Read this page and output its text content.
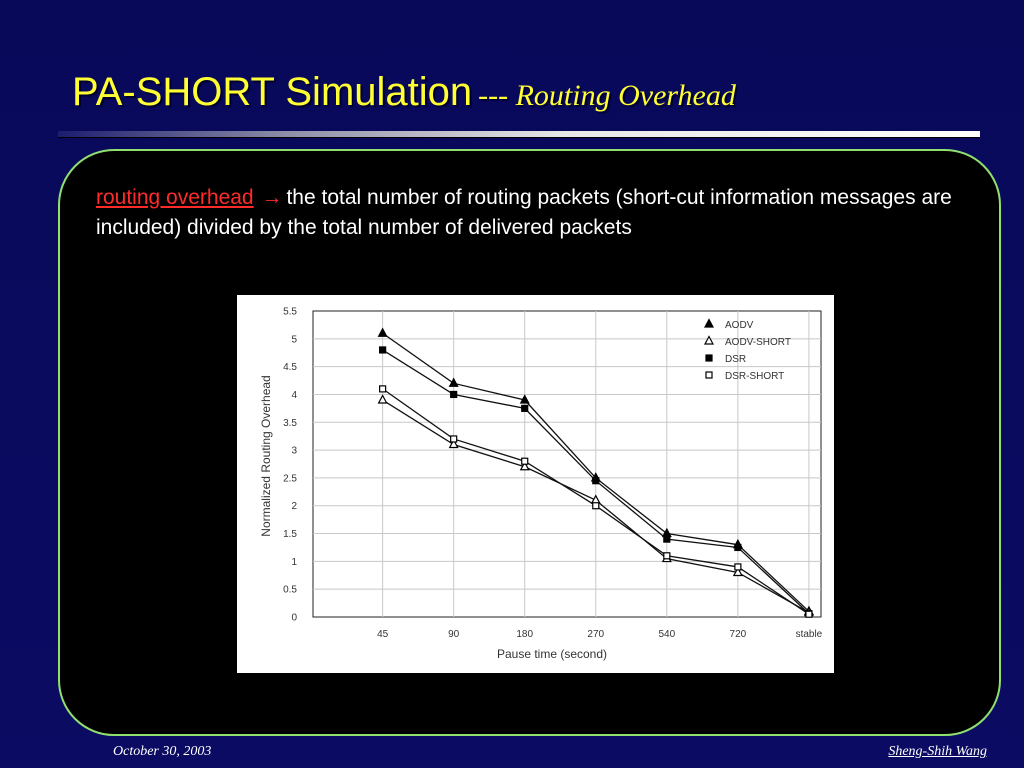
PA-SHORT Simulation --- Routing Overhead

routing overhead → the total number of routing packets (short-cut information messages are included) divided by the total number of delivered packets

0
0.5
1
1.5
2
2.5
3
3.5
4
4.5
5
5.5
45	90	180	270	540	720	stable
Pause time (second)
Normalized Routing Overhead
AODV
AODV-SHORT
DSR
DSR-SHORT

October 30, 2003	Sheng-Shih Wang
